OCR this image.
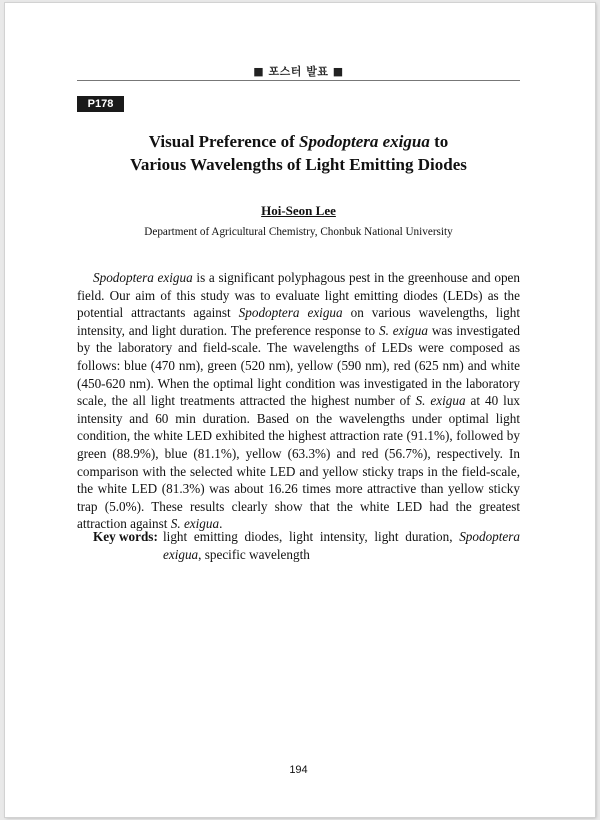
■ 포스터 발표 ■
P178
Visual Preference of Spodoptera exigua to
Various Wavelengths of Light Emitting Diodes
Hoi-Seon Lee
Department of Agricultural Chemistry, Chonbuk National University

Spodoptera exigua is a significant polyphagous pest in the greenhouse and open field. Our aim of this study was to evaluate light emitting diodes (LEDs) as the potential attractants against Spodoptera exigua on various wavelengths, light intensity, and light duration. The preference response to S. exigua was investigated by the laboratory and field-scale. The wavelengths of LEDs were composed as follows: blue (470 nm), green (520 nm), yellow (590 nm), red (625 nm) and white (450-620 nm). When the optimal light condition was investigated in the laboratory scale, the all light treatments attracted the highest number of S. exigua at 40 lux intensity and 60 min duration. Based on the wavelengths under optimal light condition, the white LED exhibited the highest attraction rate (91.1%), followed by green (88.9%), blue (81.1%), yellow (63.3%) and red (56.7%), respectively. In comparison with the selected white LED and yellow sticky traps in the field-scale, the white LED (81.3%) was about 16.26 times more attractive than yellow sticky trap (5.0%). These results clearly show that the white LED had the greatest attraction against S. exigua.

Key words: light emitting diodes, light intensity, light duration, Spodoptera exigua, specific wavelength
194
